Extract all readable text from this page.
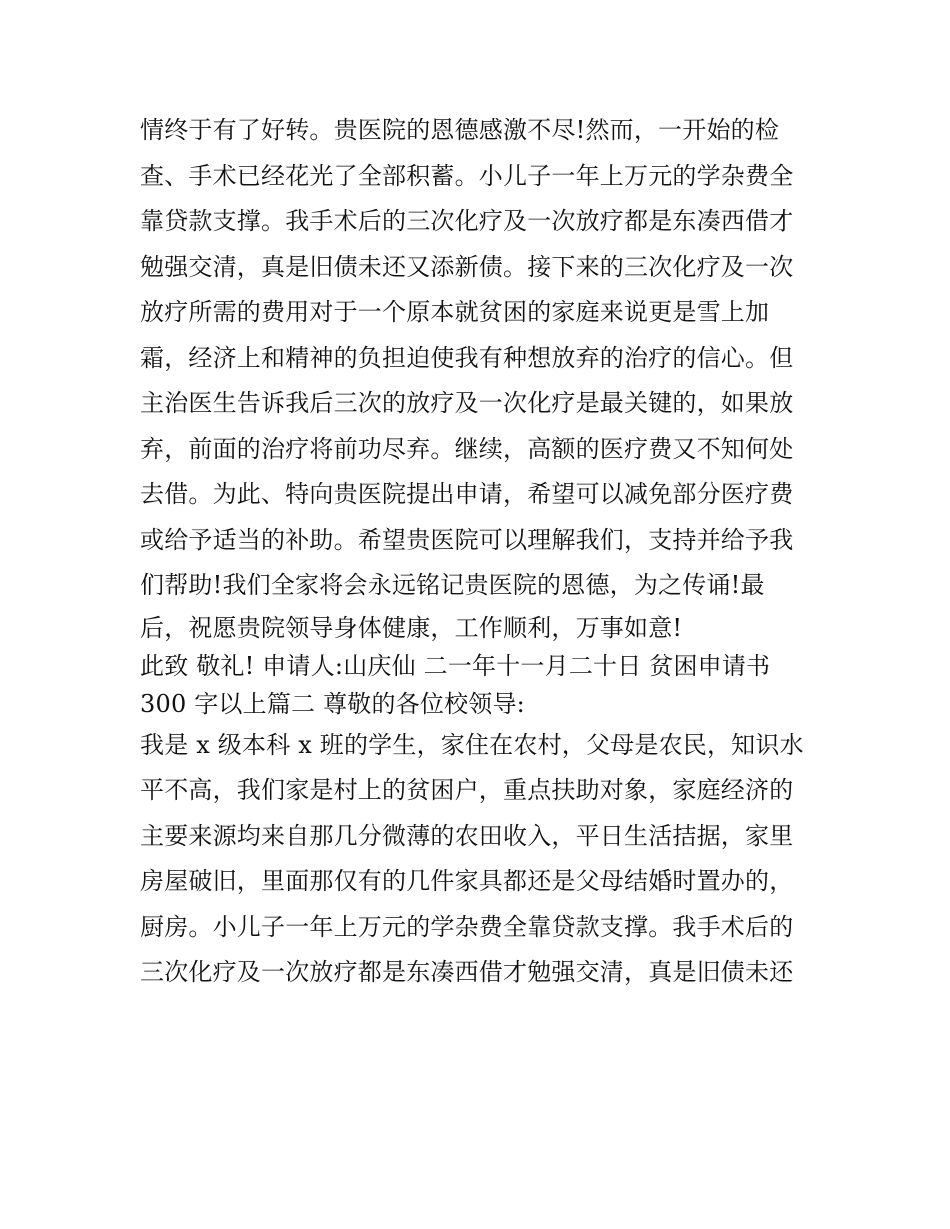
情终于有了好转。贵医院的恩德感激不尽!然而，一开始的检
查、手术已经花光了全部积蓄。小儿子一年上万元的学杂费全
靠贷款支撑。我手术后的三次化疗及一次放疗都是东凑西借才
勉强交清，真是旧债未还又添新债。接下来的三次化疗及一次
放疗所需的费用对于一个原本就贫困的家庭来说更是雪上加
霜，经济上和精神的负担迫使我有种想放弃的治疗的信心。但
主治医生告诉我后三次的放疗及一次化疗是最关键的，如果放
弃，前面的治疗将前功尽弃。继续，高额的医疗费又不知何处
去借。为此、特向贵医院提出申请，希望可以减免部分医疗费
或给予适当的补助。希望贵医院可以理解我们，支持并给予我
们帮助!我们全家将会永远铭记贵医院的恩德，为之传诵!最
后，祝愿贵院领导身体健康，工作顺利，万事如意!
此致 敬礼! 申请人:山庆仙 二一年十一月二十日 贫困申请书
300 字以上篇二 尊敬的各位校领导:
我是 x 级本科 x 班的学生，家住在农村，父母是农民，知识水
平不高，我们家是村上的贫困户，重点扶助对象，家庭经济的
主要来源均来自那几分微薄的农田收入，平日生活拮据，家里
房屋破旧，里面那仅有的几件家具都还是父母结婚时置办的，
厨房。小儿子一年上万元的学杂费全靠贷款支撑。我手术后的
三次化疗及一次放疗都是东凑西借才勉强交清，真是旧债未还
